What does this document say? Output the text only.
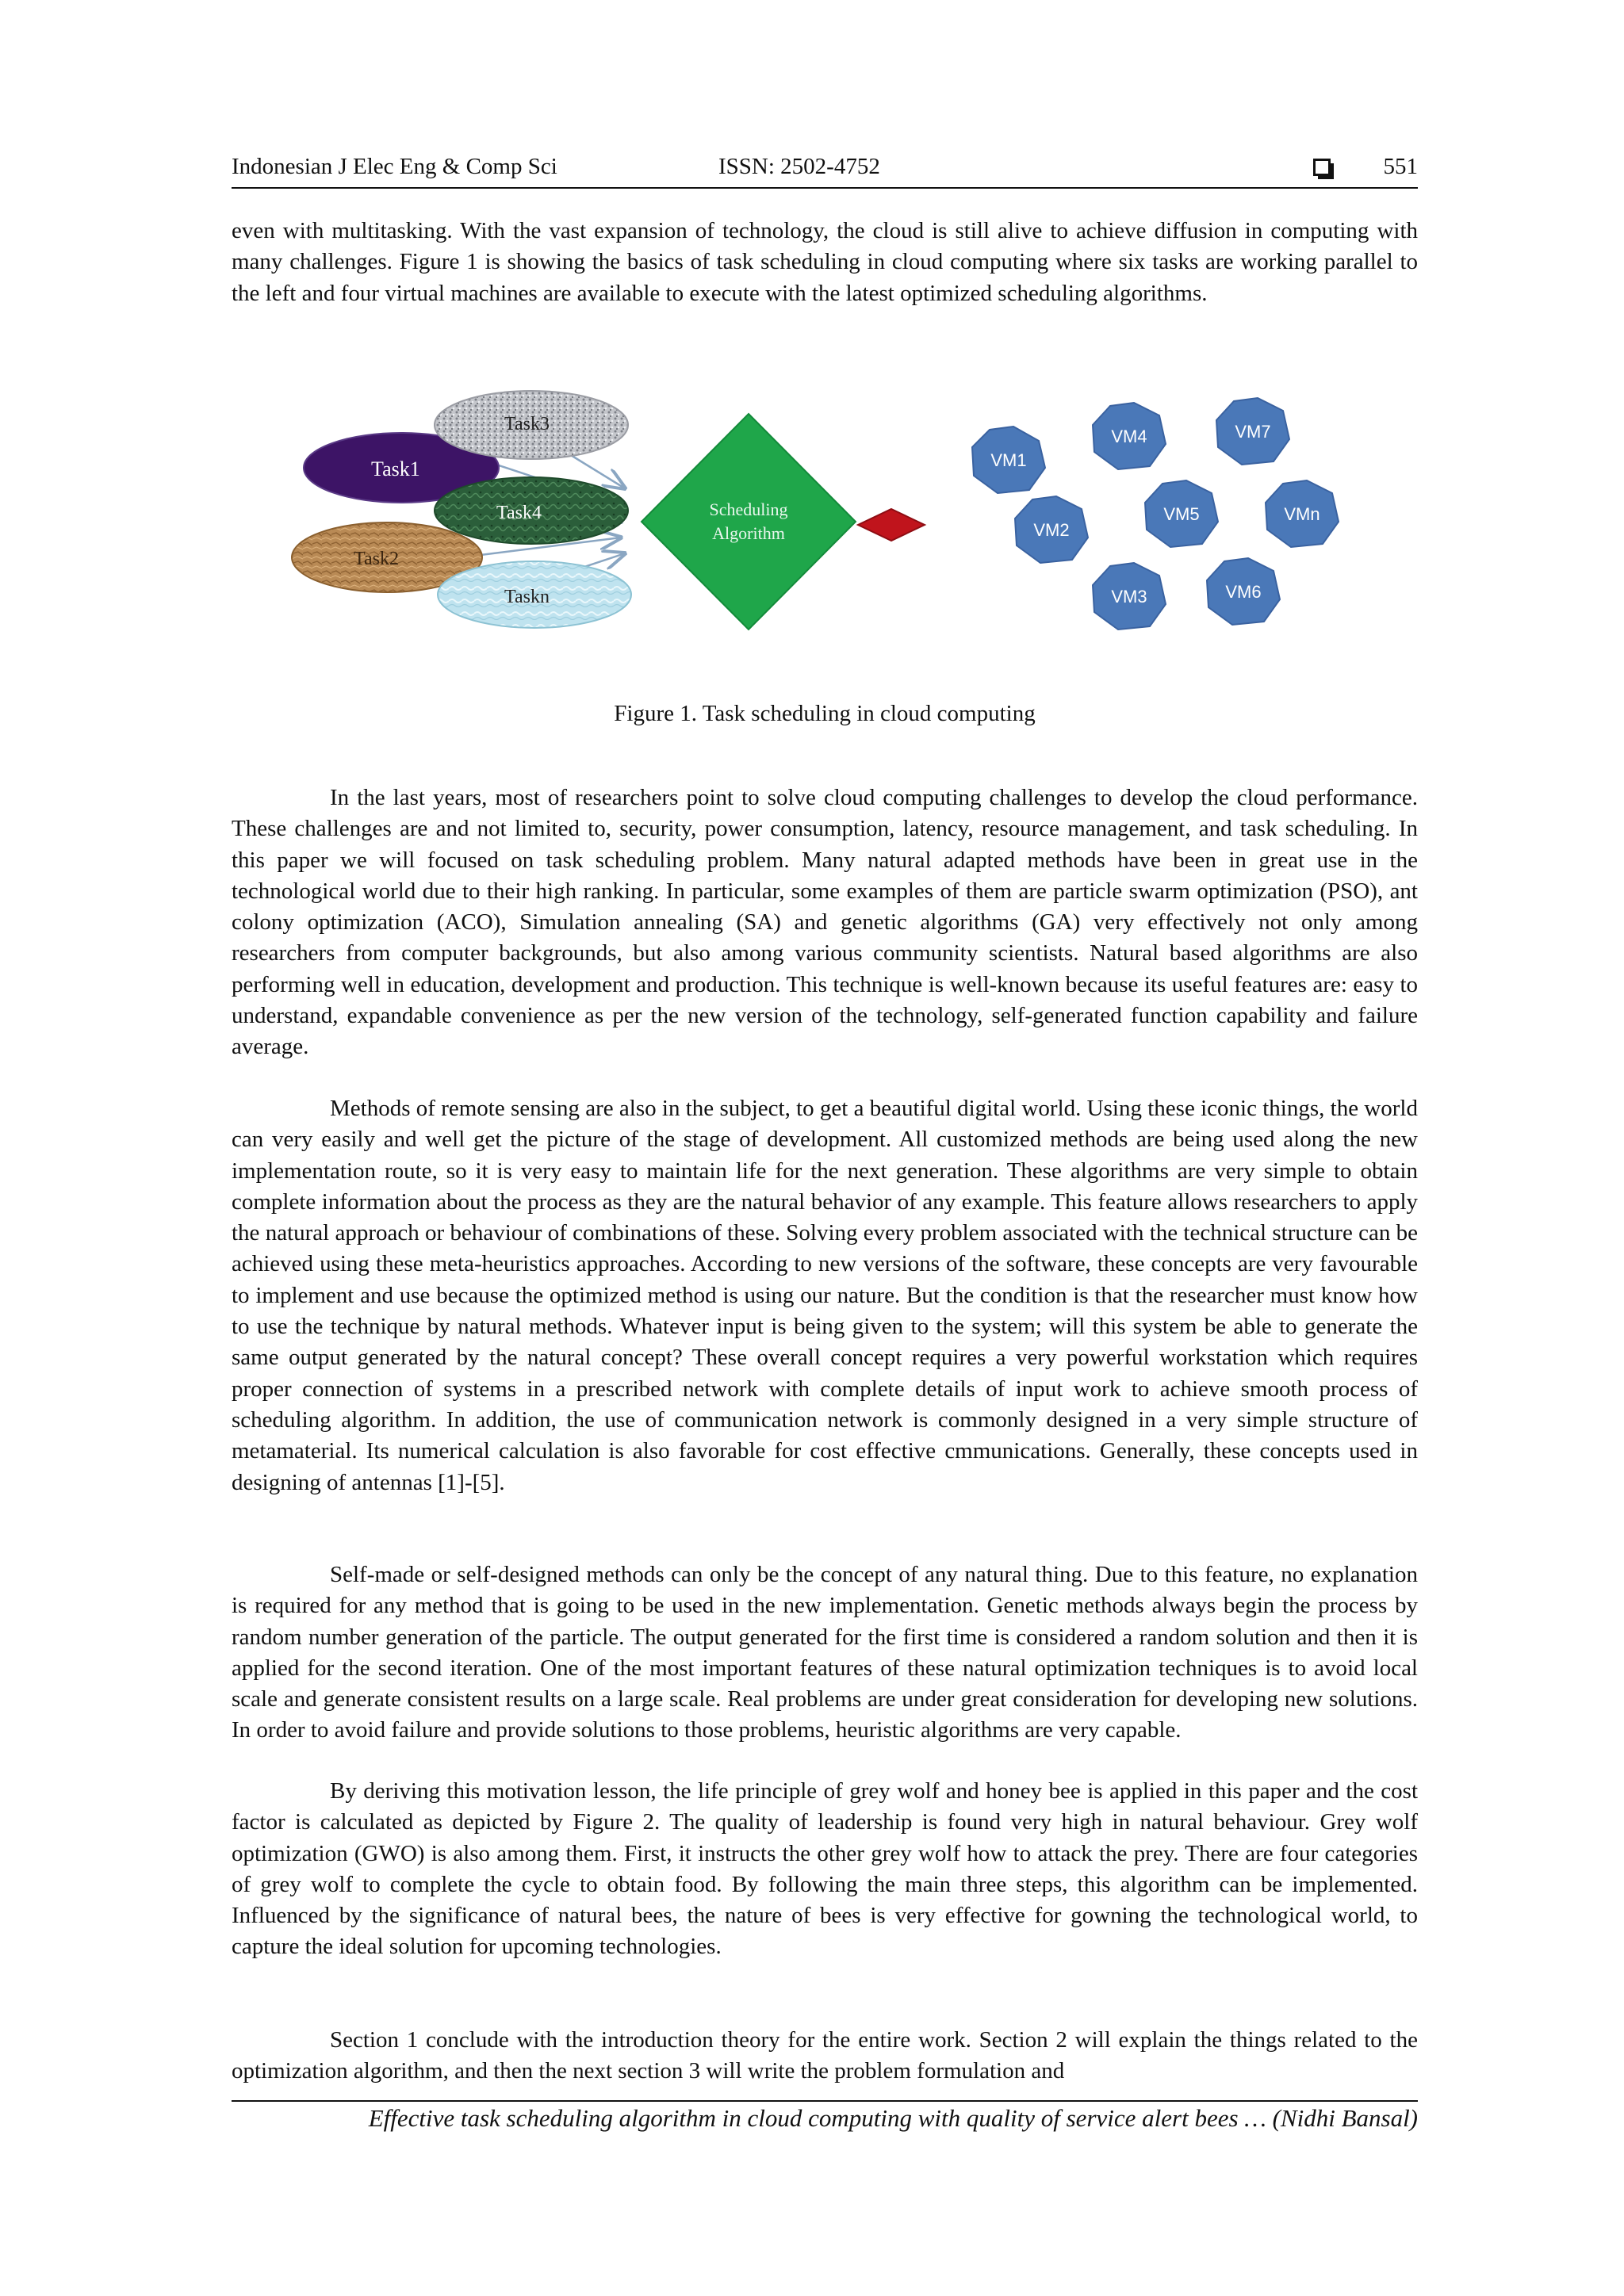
Indonesian J Elec Eng & Comp Sci	ISSN: 2502-4752	551

even with multitasking. With the vast expansion of technology, the cloud is still alive to achieve diffusion in computing with many challenges. Figure 1 is showing the basics of task scheduling in cloud computing where six tasks are working parallel to the left and four virtual machines are available to execute with the latest optimized scheduling algorithms.

Task1
Task3
Task4
Task2
Taskn
Scheduling
Algorithm
VM1
VM4	VM7
VM2
VM5	VMn
VM3	VM6
Figure 1. Task scheduling in cloud computing

In the last years, most of researchers point to solve cloud computing challenges to develop the cloud performance. These challenges are and not limited to, security, power consumption, latency, resource management, and task scheduling. In this paper we will focused on task scheduling problem. Many natural adapted methods have been in great use in the technological world due to their high ranking. In particular, some examples of them are particle swarm optimization (PSO), ant colony optimization (ACO), Simulation annealing (SA) and genetic algorithms (GA) very effectively not only among researchers from computer backgrounds, but also among various community scientists. Natural based algorithms are also performing well in education, development and production. This technique is well-known because its useful features are: easy to understand, expandable convenience as per the new version of the technology, self-generated function capability and failure average.

Methods of remote sensing are also in the subject, to get a beautiful digital world. Using these iconic things, the world can very easily and well get the picture of the stage of development. All customized methods are being used along the new implementation route, so it is very easy to maintain life for the next generation. These algorithms are very simple to obtain complete information about the process as they are the natural behavior of any example. This feature allows researchers to apply the natural approach or behaviour of combinations of these. Solving every problem associated with the technical structure can be achieved using these meta-heuristics approaches. According to new versions of the software, these concepts are very favourable to implement and use because the optimized method is using our nature. But the condition is that the researcher must know how to use the technique by natural methods. Whatever input is being given to the system; will this system be able to generate the same output generated by the natural concept? These overall concept requires a very powerful workstation which requires proper connection of systems in a prescribed network with complete details of input work to achieve smooth process of scheduling algorithm. In addition, the use of communication network is commonly designed in a very simple structure of metamaterial. Its numerical calculation is also favorable for cost effective cmmunications. Generally, these concepts used in designing of antennas [1]-[5].

Self-made or self-designed methods can only be the concept of any natural thing. Due to this feature, no explanation is required for any method that is going to be used in the new implementation. Genetic methods always begin the process by random number generation of the particle. The output generated for the first time is considered a random solution and then it is applied for the second iteration. One of the most important features of these natural optimization techniques is to avoid local scale and generate consistent results on a large scale. Real problems are under great consideration for developing new solutions. In order to avoid failure and provide solutions to those problems, heuristic algorithms are very capable.

By deriving this motivation lesson, the life principle of grey wolf and honey bee is applied in this paper and the cost factor is calculated as depicted by Figure 2. The quality of leadership is found very high in natural behaviour. Grey wolf optimization (GWO) is also among them. First, it instructs the other grey wolf how to attack the prey. There are four categories of grey wolf to complete the cycle to obtain food. By following the main three steps, this algorithm can be implemented. Influenced by the significance of natural bees, the nature of bees is very effective for gowning the technological world, to capture the ideal solution for upcoming technologies.

Section 1 conclude with the introduction theory for the entire work. Section 2 will explain the things related to the optimization algorithm, and then the next section 3 will write the problem formulation and

Effective task scheduling algorithm in cloud computing with quality of service alert bees … (Nidhi Bansal)
